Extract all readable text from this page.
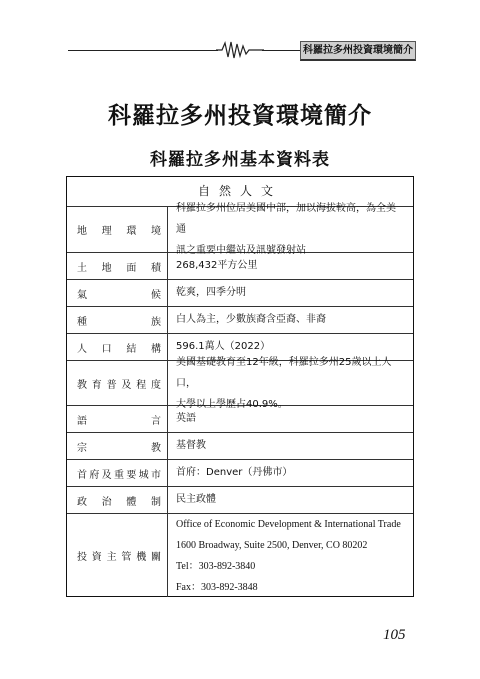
科羅拉多州投資環境簡介
科羅拉多州投資環境簡介
科羅拉多州基本資料表
自然人文
地理環境
科羅拉多州位居美國中部，加以海拔較高，為全美通
訊之重要中繼站及訊號發射站
土地面積 268,432平方公里
氣候 乾爽，四季分明
種族 白人為主，少數族裔含亞裔、非裔
人口結構 596.1萬人（2022）
教育普及程度
美國基礎教育至12年級，科羅拉多州25歲以上人口，
大學以上學歷占40.9%。
語言 英語
宗教 基督教
首府及重要城市 首府：Denver（丹佛市）
政治體制 民主政體
投資主管機關
Office of Economic Development & International Trade
1600 Broadway, Suite 2500, Denver, CO 80202
Tel：303-892-3840
Fax：303-892-3848
105
